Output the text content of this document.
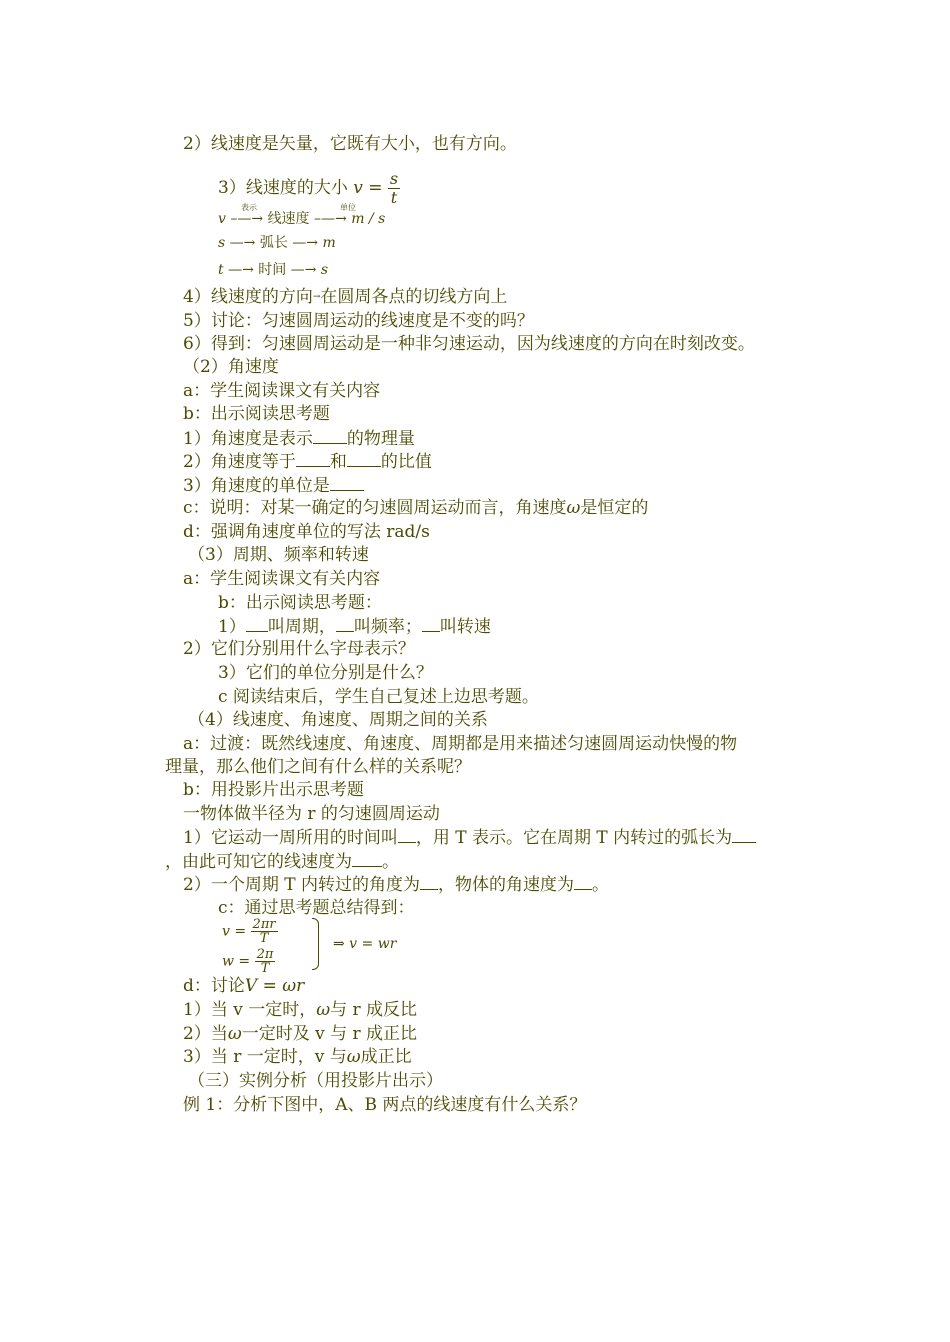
2）线速度是矢量，它既有大小，也有方向。
3）线速度的大小 $v = \frac{s}{t}$
v –—→ 线速度 –—→ m / s
表示	单位
s —→ 弧长 —→ m
t —→ 时间 —→ s
4）线速度的方向→在圆周各点的切线方向上
5）讨论：匀速圆周运动的线速度是不变的吗？
6）得到：匀速圆周运动是一种非匀速运动，因为线速度的方向在时刻改变。
（2）角速度
a：学生阅读课文有关内容
b：出示阅读思考题
1）角速度是表示 的物理量
2）角速度等于 和 的比值
3）角速度的单位是
c：说明：对某一确定的匀速圆周运动而言，角速度ω是恒定的
d：强调角速度单位的写法 rad/s
（3）周期、频率和转速
a：学生阅读课文有关内容
b：出示阅读思考题：
1） 叫周期， 叫频率； 叫转速
2）它们分别用什么字母表示？
3）它们的单位分别是什么？
c 阅读结束后，学生自己复述上边思考题。
（4）线速度、角速度、周期之间的关系
a：过渡：既然线速度、角速度、周期都是用来描述匀速圆周运动快慢的物
理量，那么他们之间有什么样的关系呢？
b：用投影片出示思考题
一物体做半径为 r 的匀速圆周运动
1）它运动一周所用的时间叫 ，用 T 表示。它在周期 T 内转过的弧长为
，由此可知它的线速度为 。
2）一个周期 T 内转过的角度为 ，物体的角速度为 。
c：通过思考题总结得到：
$v = \frac{2\pi r}{T}$
$w = \frac{2\pi}{T}$
⇒ v = wr
d：讨论V = ωr
1）当 v 一定时，ω与 r 成反比
2）当ω一定时及 v 与 r 成正比
3）当 r 一定时，v 与ω成正比
（三）实例分析（用投影片出示）
例 1：分析下图中，A、B 两点的线速度有什么关系？
